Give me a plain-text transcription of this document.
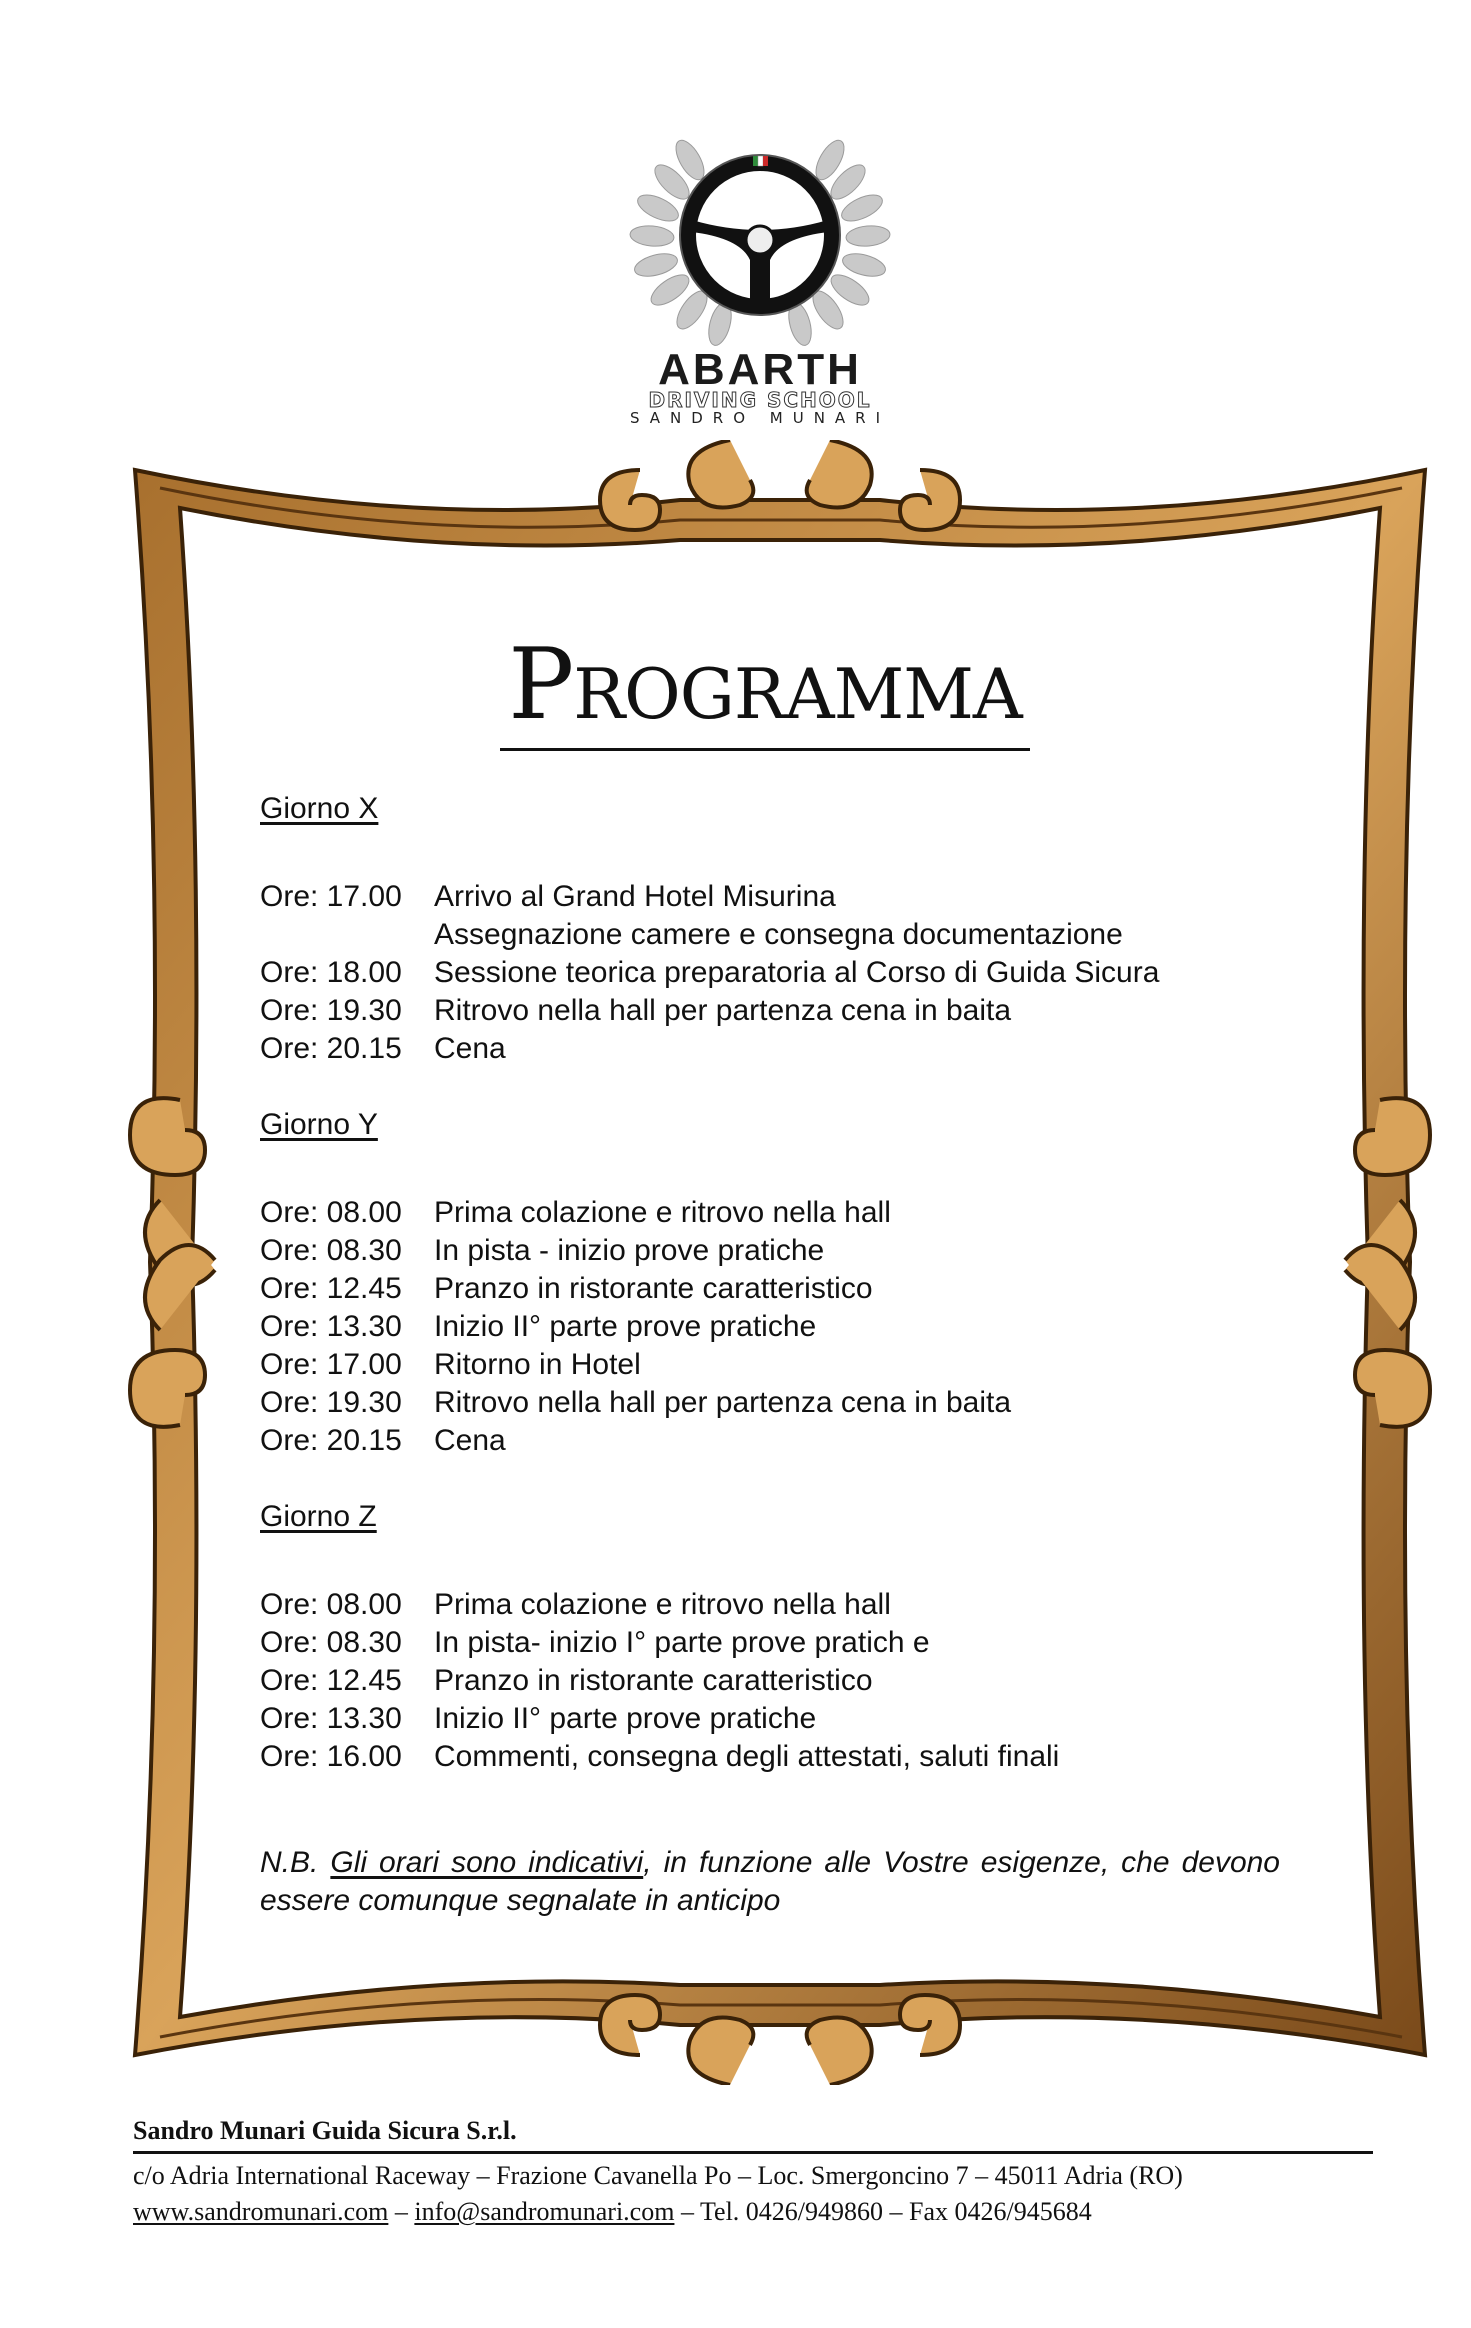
ABARTH
DRIVING SCHOOL
SANDRO MUNARI
Programma
Giorno X
Ore: 17.00 Arrivo al Grand Hotel Misurina
Assegnazione camere e consegna documentazione
Ore: 18.00 Sessione teorica preparatoria al Corso di Guida Sicura
Ore: 19.30 Ritrovo nella hall per partenza cena in baita
Ore: 20.15 Cena
Giorno Y
Ore: 08.00 Prima colazione e ritrovo nella hall
Ore: 08.30 In pista - inizio prove pratiche
Ore: 12.45 Pranzo in ristorante caratteristico
Ore: 13.30 Inizio II° parte prove pratiche
Ore: 17.00 Ritorno in Hotel
Ore: 19.30 Ritrovo nella hall per partenza cena in baita
Ore: 20.15 Cena
Giorno Z
Ore: 08.00 Prima colazione e ritrovo nella hall
Ore: 08.30 In pista- inizio I° parte prove pratich e
Ore: 12.45 Pranzo in ristorante caratteristico
Ore: 13.30 Inizio II° parte prove pratiche
Ore: 16.00 Commenti, consegna degli attestati, saluti finali
N.B. Gli orari sono indicativi, in funzione alle Vostre esigenze, che devono essere comunque segnalate in anticipo
Sandro Munari Guida Sicura S.r.l.
c/o Adria International Raceway – Frazione Cavanella Po – Loc. Smergoncino 7 – 45011 Adria (RO)
www.sandromunari.com – info@sandromunari.com – Tel. 0426/949860 – Fax 0426/945684
